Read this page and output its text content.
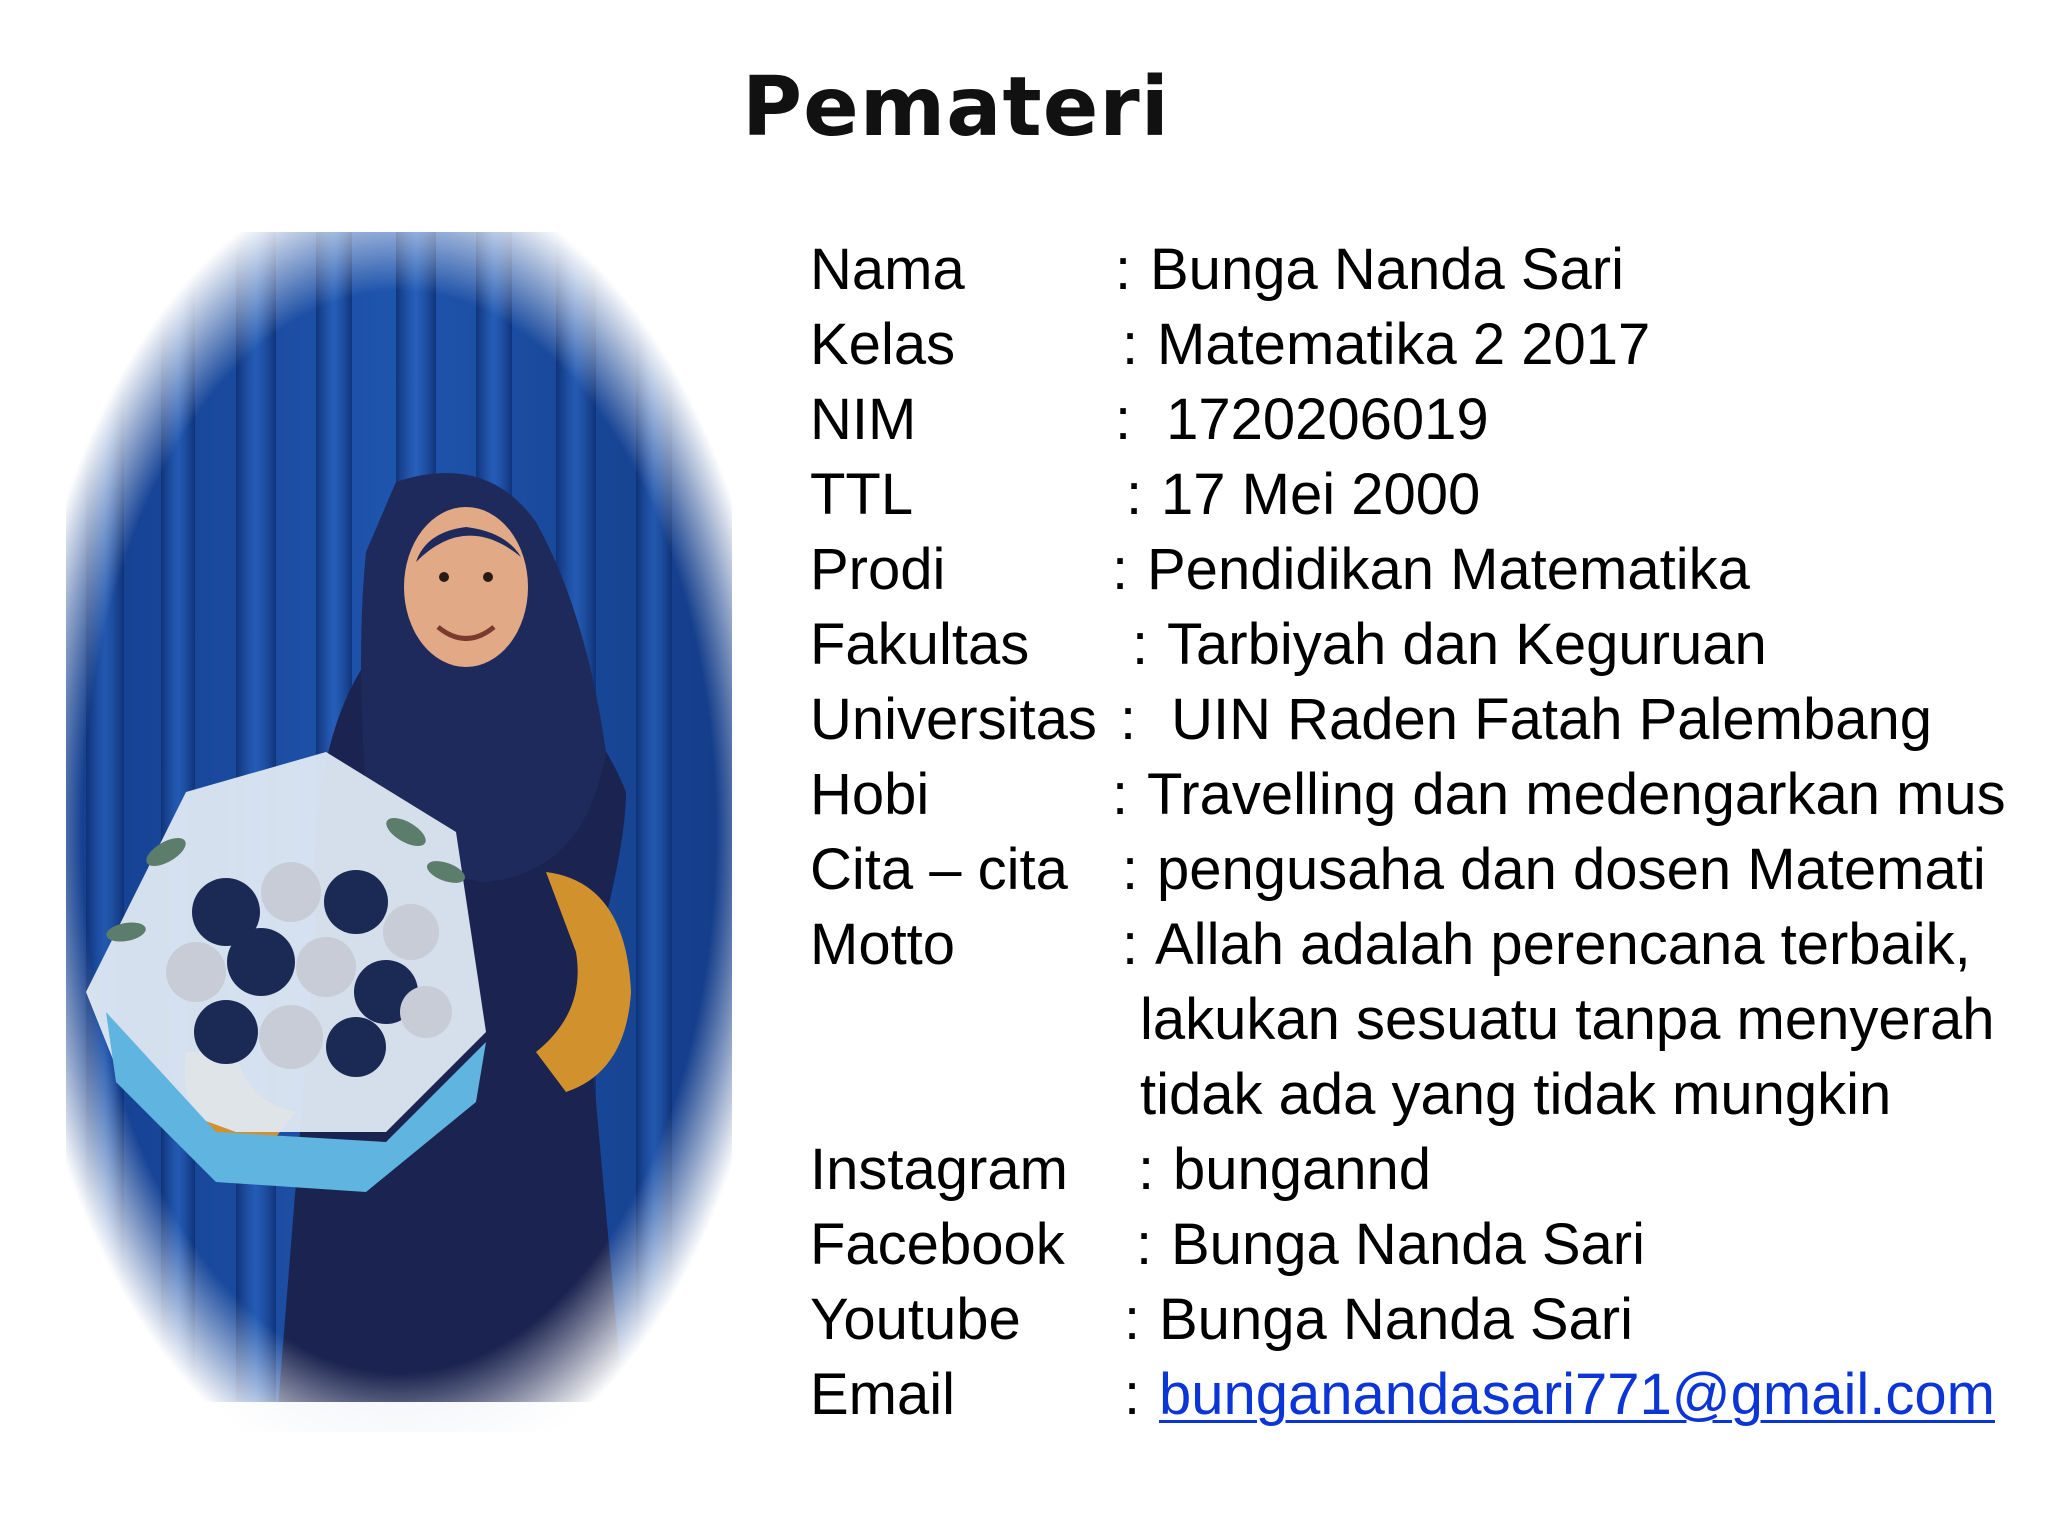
Pemateri
Nama	: Bunga Nanda Sari
Kelas	: Matematika 2 2017
NIM	: 1720206019
TTL	: 17 Mei 2000
Prodi	: Pendidikan Matematika
Fakultas : Tarbiyah dan Keguruan
Universitas : UIN Raden Fatah Palembang
Hobi	: Travelling dan medengarkan mus
Cita – cita : pengusaha dan dosen Matemati
Motto	: Allah adalah perencana terbaik,
lakukan sesuatu tanpa menyerah
tidak ada yang tidak mungkin
Instagram : bungannd
Facebook : Bunga Nanda Sari
Youtube : Bunga Nanda Sari
Email	: bunganandasari771@gmail.com
